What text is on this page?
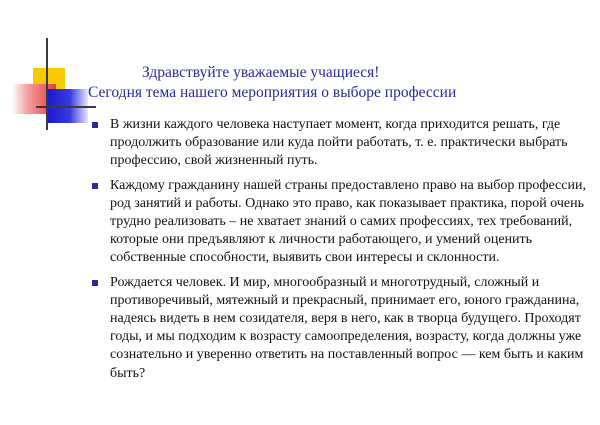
Здравствуйте уважаемые учащиеся!
Сегодня тема нашего мероприятия о выборе профессии
В жизни каждого человека наступает момент, когда приходится решать, где продолжить образование или куда пойти работать, т. е. практически выбрать профессию, свой жизненный путь.
Каждому гражданину нашей страны предоставлено право на выбор профессии, род занятий и работы. Однако это право, как показывает практика, порой очень трудно реализовать – не хватает знаний о самих профессиях, тех требований, которые они предъявляют к личности работающего, и умений оценить собственные способности, выявить свои интересы и склонности.
Рождается человек. И мир, многообразный и многотрудный, сложный и противоречивый, мятежный и прекрасный, принимает его, юного гражданина, надеясь видеть в нем созидателя, веря в него, как в творца будущего. Проходят годы, и мы подходим к возрасту самоопределения, возрасту, когда должны уже сознательно и уверенно ответить на поставленный вопрос — кем быть и каким быть?
